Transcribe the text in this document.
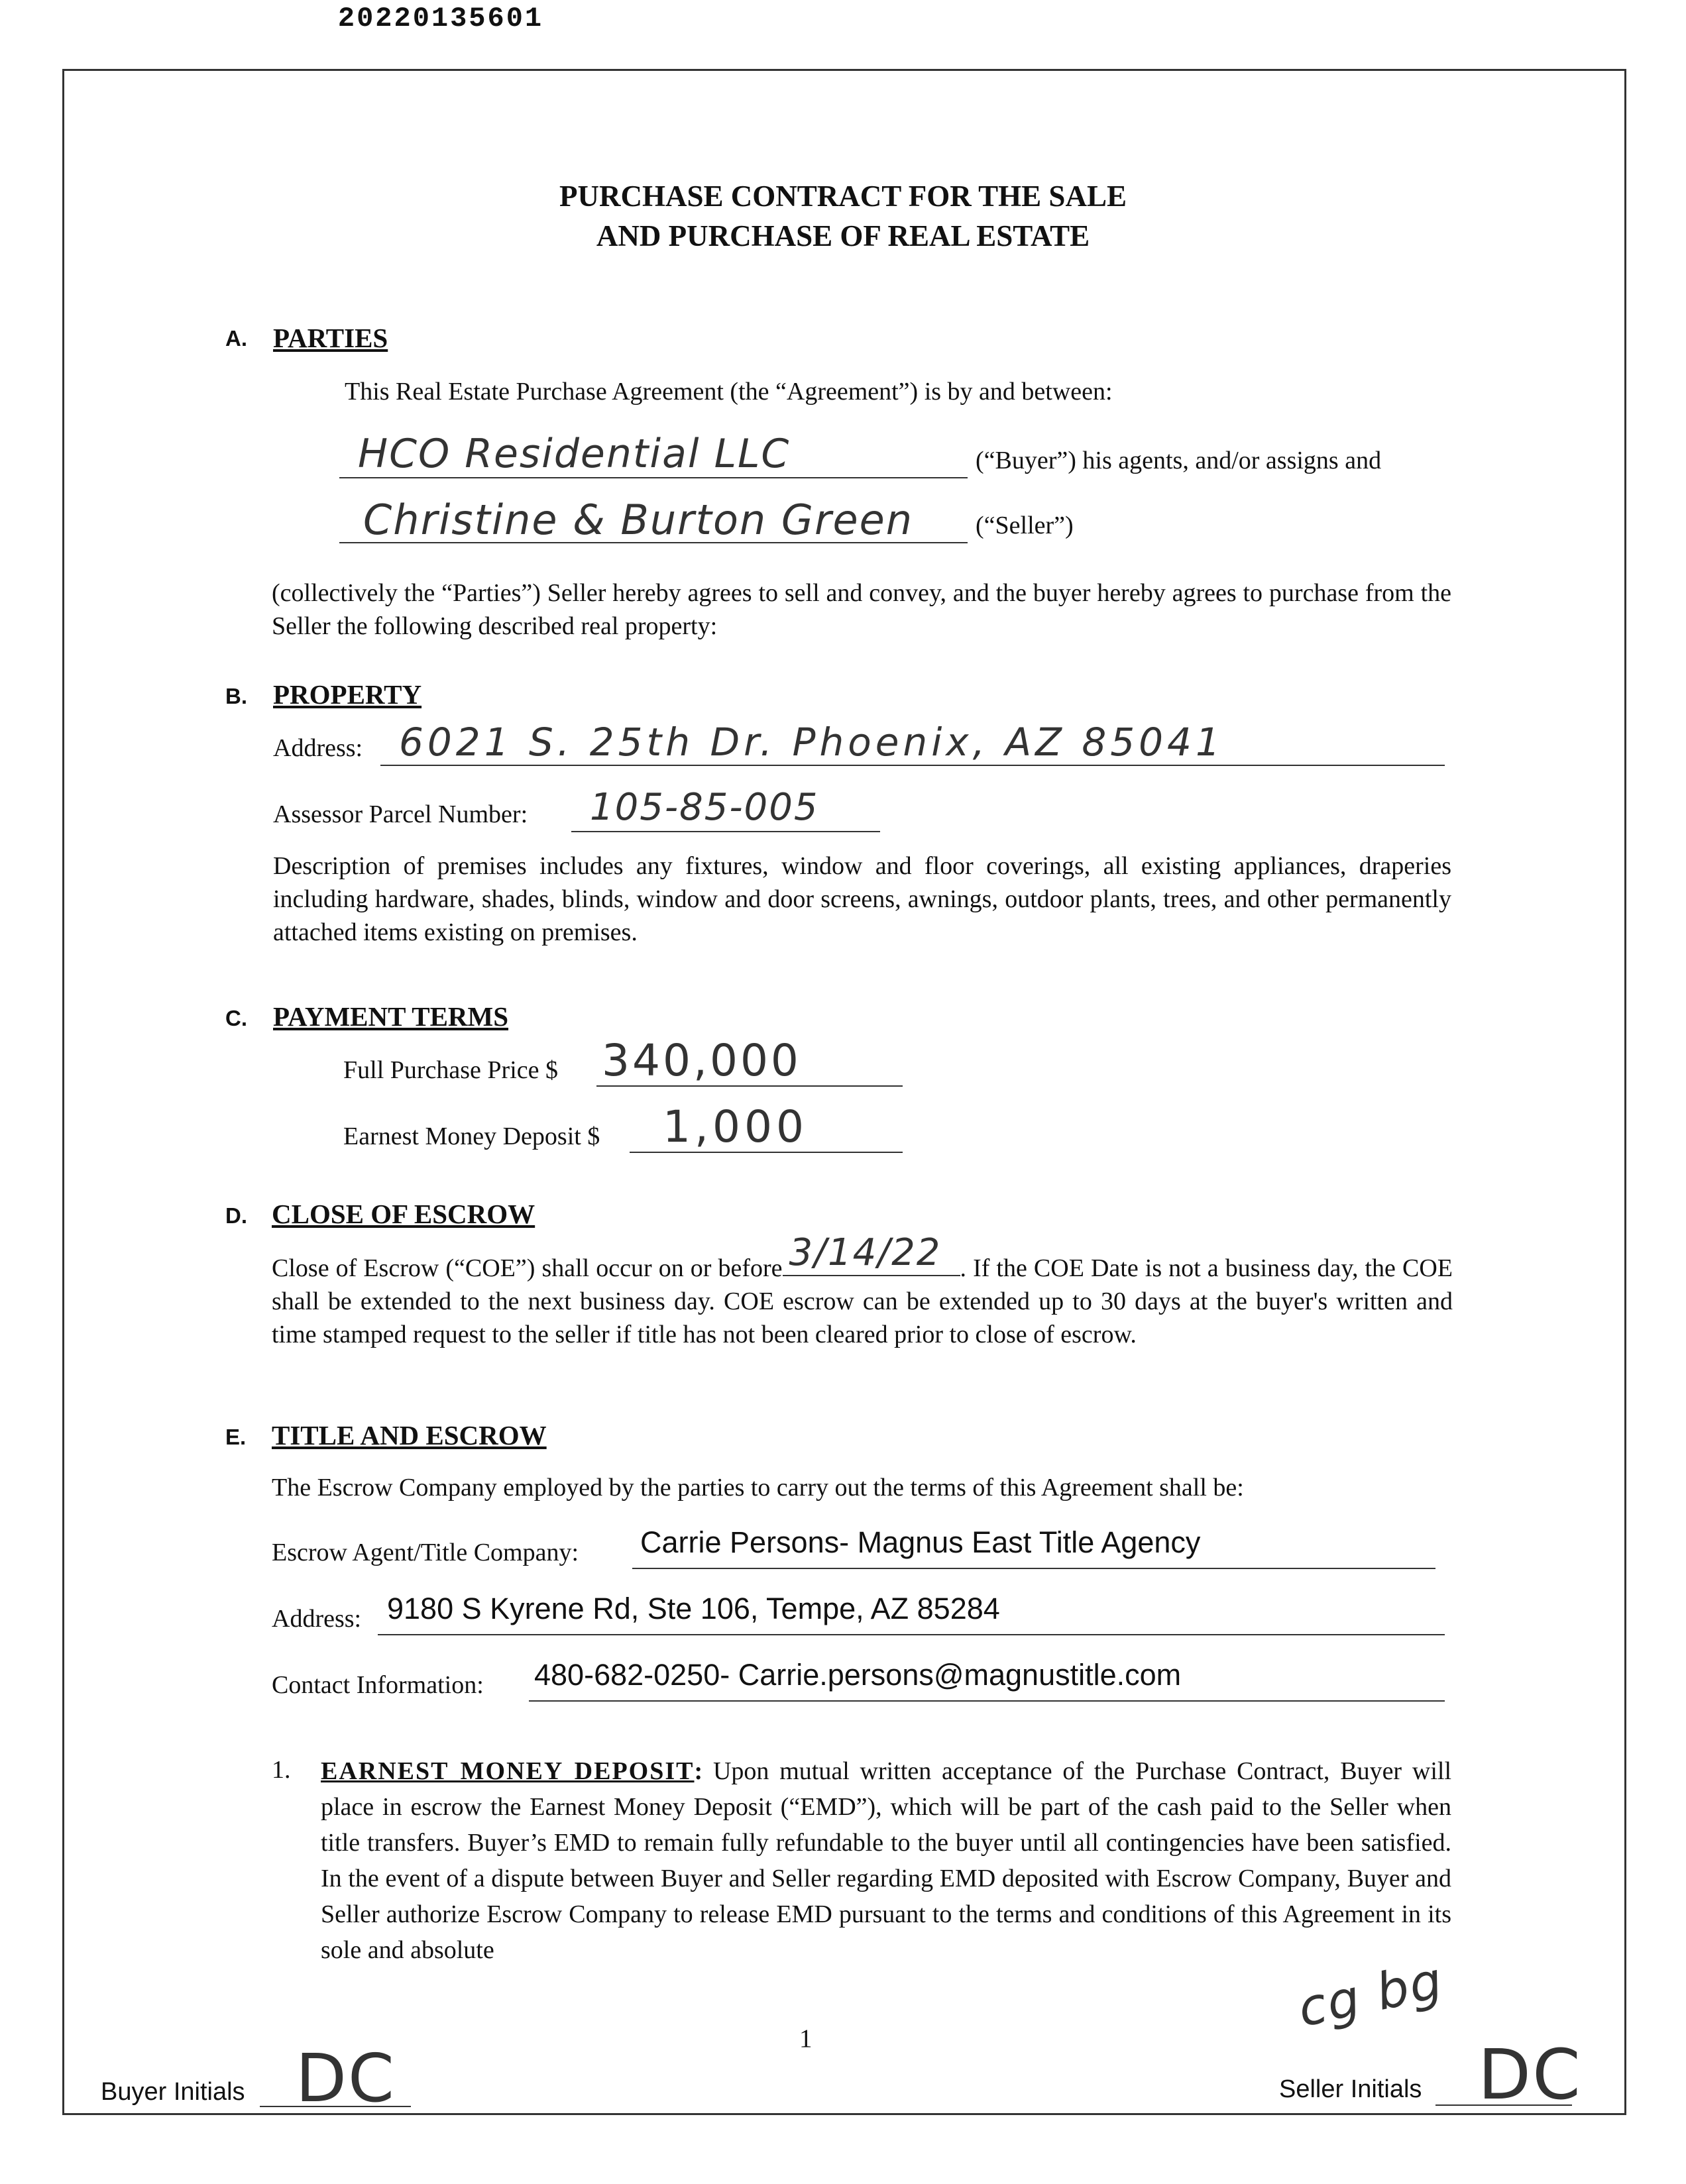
20220135601
PURCHASE CONTRACT FOR THE SALE
AND PURCHASE OF REAL ESTATE
A. PARTIES
This Real Estate Purchase Agreement (the “Agreement”) is by and between:
HCO Residential LLC	(“Buyer”) his agents, and/or assigns and
Christine & Burton Green (“Seller”)
(collectively the “Parties”) Seller hereby agrees to sell and convey, and the buyer hereby agrees to purchase from the Seller the following described real property:
B. PROPERTY
Address: 6021 S. 25th Dr. Phoenix, AZ 85041
Assessor Parcel Number: 105-85-005
Description of premises includes any fixtures, window and floor coverings, all existing appliances, draperies including hardware, shades, blinds, window and door screens, awnings, outdoor plants, trees, and other permanently attached items existing on premises.
C. PAYMENT TERMS
Full Purchase Price $ 340,000
Earnest Money Deposit $ 1,000
D. CLOSE OF ESCROW
Close of Escrow (“COE”) shall occur on or before 3/14/22 . If the COE Date is not a business day, the COE shall be extended to the next business day. COE escrow can be extended up to 30 days at the buyer's written and time stamped request to the seller if title has not been cleared prior to close of escrow.
E. TITLE AND ESCROW
The Escrow Company employed by the parties to carry out the terms of this Agreement shall be:
Escrow Agent/Title Company: Carrie Persons- Magnus East Title Agency
Address: 9180 S Kyrene Rd, Ste 106, Tempe, AZ 85284
Contact Information: 480-682-0250- Carrie.persons@magnustitle.com
1. EARNEST MONEY DEPOSIT: Upon mutual written acceptance of the Purchase Contract, Buyer will place in escrow the Earnest Money Deposit (“EMD”), which will be part of the cash paid to the Seller when title transfers. Buyer’s EMD to remain fully refundable to the buyer until all contingencies have been satisfied. In the event of a dispute between Buyer and Seller regarding EMD deposited with Escrow Company, Buyer and Seller authorize Escrow Company to release EMD pursuant to the terms and conditions of this Agreement in its sole and absolute
1
Buyer Initials DC
cg bg
Seller Initials DC
